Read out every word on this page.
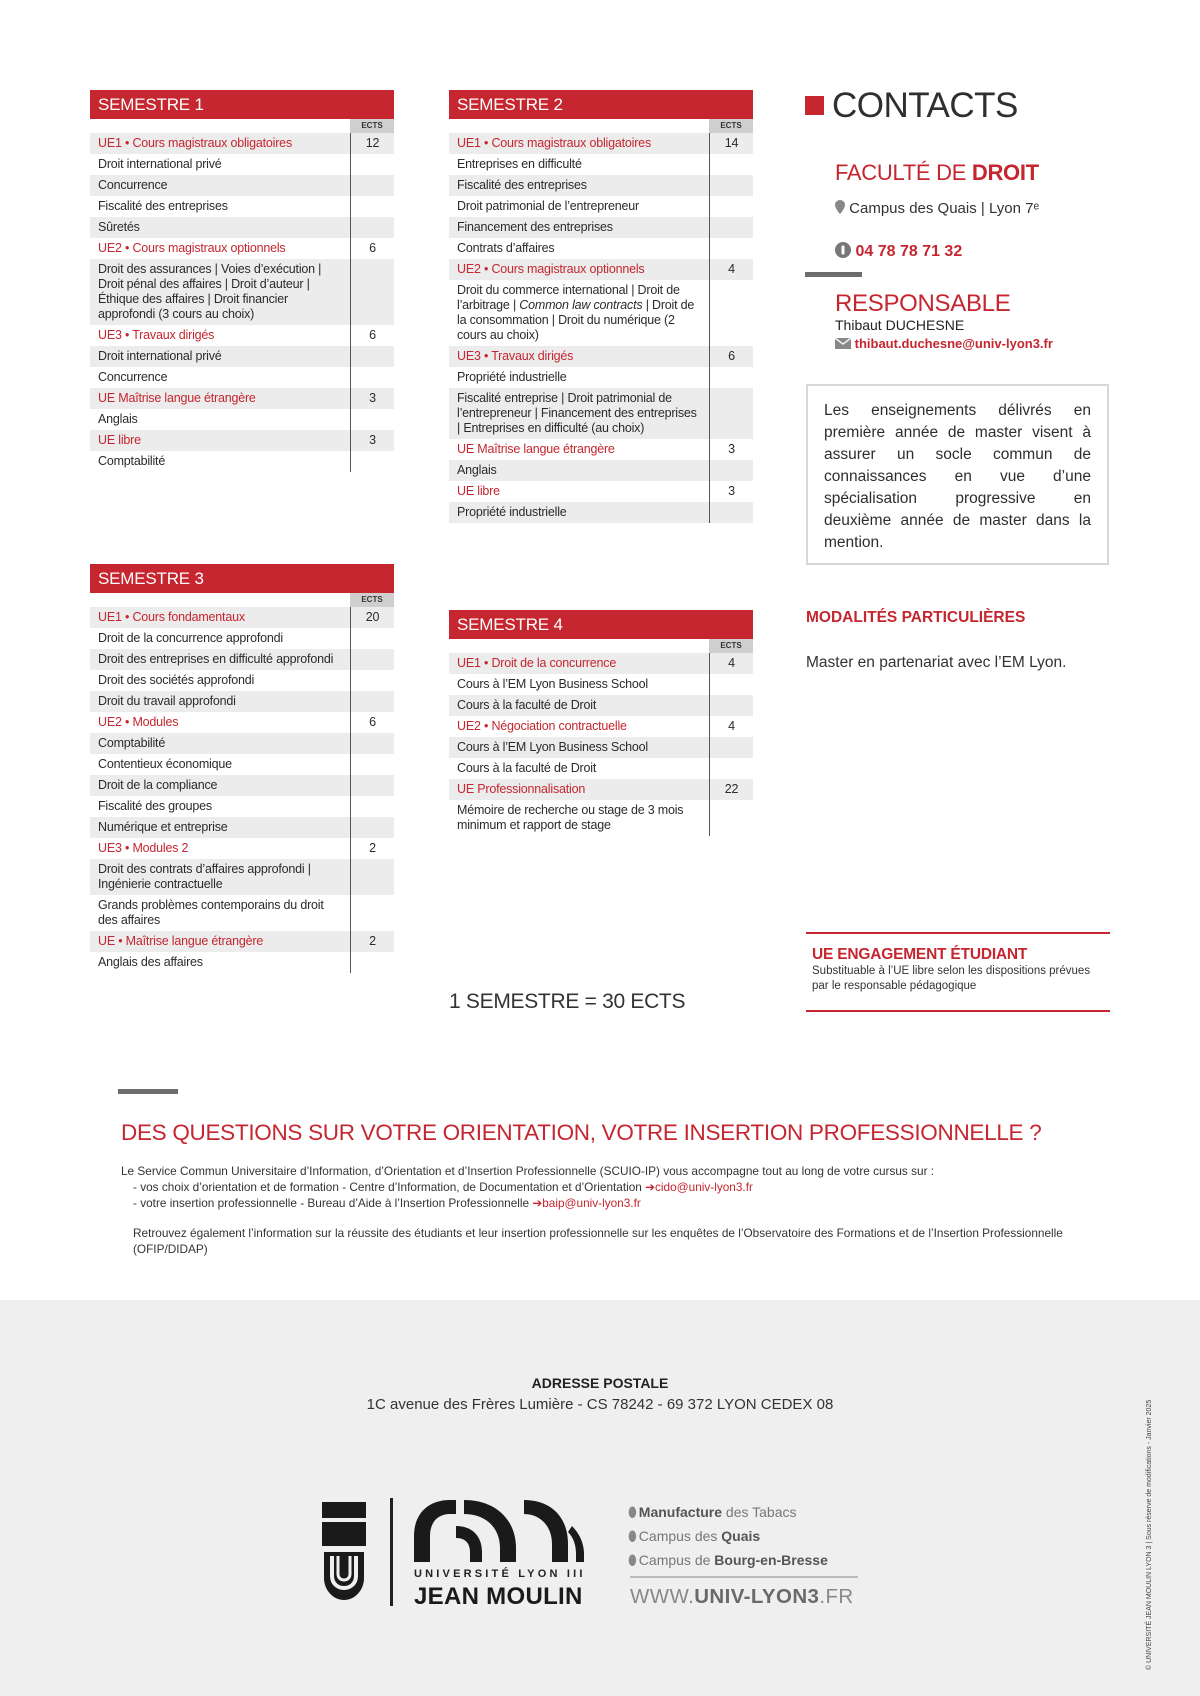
SEMESTRE 1
ECTS
UE1 • Cours magistraux obligatoires	12
Droit international privé
Concurrence
Fiscalité des entreprises
Sûretés
UE2 • Cours magistraux optionnels	6
Droit des assurances | Voies d’exécution | Droit pénal des affaires | Droit d’auteur | Éthique des affaires | Droit financier approfondi (3 cours au choix)
UE3 • Travaux dirigés	6
Droit international privé
Concurrence
UE Maîtrise langue étrangère	3
Anglais
UE libre	3
Comptabilité
SEMESTRE 2
ECTS
UE1 • Cours magistraux obligatoires	14
Entreprises en difficulté
Fiscalité des entreprises
Droit patrimonial de l’entrepreneur
Financement des entreprises
Contrats d’affaires
UE2 • Cours magistraux optionnels	4
Droit du commerce international | Droit de l’arbitrage | Common law contracts | Droit de la consommation | Droit du numérique (2 cours au choix)
UE3 • Travaux dirigés	6
Propriété industrielle
Fiscalité entreprise | Droit patrimonial de l’entrepreneur | Financement des entreprises | Entreprises en difficulté (au choix)
UE Maîtrise langue étrangère	3
Anglais
UE libre	3
Propriété industrielle
SEMESTRE 3
ECTS
UE1 • Cours fondamentaux	20
Droit de la concurrence approfondi
Droit des entreprises en difficulté approfondi
Droit des sociétés approfondi
Droit du travail approfondi
UE2 • Modules	6
Comptabilité
Contentieux économique
Droit de la compliance
Fiscalité des groupes
Numérique et entreprise
UE3 • Modules 2	2
Droit des contrats d’affaires approfondi | Ingénierie contractuelle
Grands problèmes contemporains du droit des affaires
UE • Maîtrise langue étrangère	2
Anglais des affaires
SEMESTRE 4
ECTS
UE1 • Droit de la concurrence	4
Cours à l’EM Lyon Business School
Cours à la faculté de Droit
UE2 • Négociation contractuelle	4
Cours à l’EM Lyon Business School
Cours à la faculté de Droit
UE Professionnalisation	22
Mémoire de recherche ou stage de 3 mois minimum et rapport de stage
1 SEMESTRE = 30 ECTS
CONTACTS
FACULTÉ DE DROIT
Campus des Quais | Lyon 7ᵉ
04 78 78 71 32
RESPONSABLE
Thibaut DUCHESNE
thibaut.duchesne@univ-lyon3.fr
Les enseignements délivrés en première année de master visent à assurer un socle commun de connaissances en vue d’une spécialisation progressive en deuxième année de master dans la mention.
MODALITÉS PARTICULIÈRES
Master en partenariat avec l’EM Lyon.
UE ENGAGEMENT ÉTUDIANT
Substituable à l’UE libre selon les dispositions prévues par le responsable pédagogique
DES QUESTIONS SUR VOTRE ORIENTATION, VOTRE INSERTION PROFESSIONNELLE ?

Le Service Commun Universitaire d’Information, d’Orientation et d’Insertion Professionnelle (SCUIO-IP) vous accompagne tout au long de votre cursus sur :

- vos choix d’orientation et de formation - Centre d’Information, de Documentation et d’Orientation ➔cido@univ-lyon3.fr
- votre insertion professionnelle - Bureau d’Aide à l’Insertion Professionnelle ➔baip@univ-lyon3.fr

Retrouvez également l’information sur la réussite des étudiants et leur insertion professionnelle sur les enquêtes de l’Observatoire des Formations et de l’Insertion Professionnelle (OFIP/DIDAP)

ADRESSE POSTALE
1C avenue des Frères Lumière - CS 78242 - 69 372 LYON CEDEX 08
UNIVERSITÉ LYON III
JEAN MOULIN
⬮ Manufacture des Tabacs
⬮ Campus des Quais
⬮ Campus de Bourg-en-Bresse
WWW.UNIV-LYON3.FR	© UNIVERSITÉ JEAN MOULIN LYON 3 | Sous réserve de modifications - Janvier 2025
